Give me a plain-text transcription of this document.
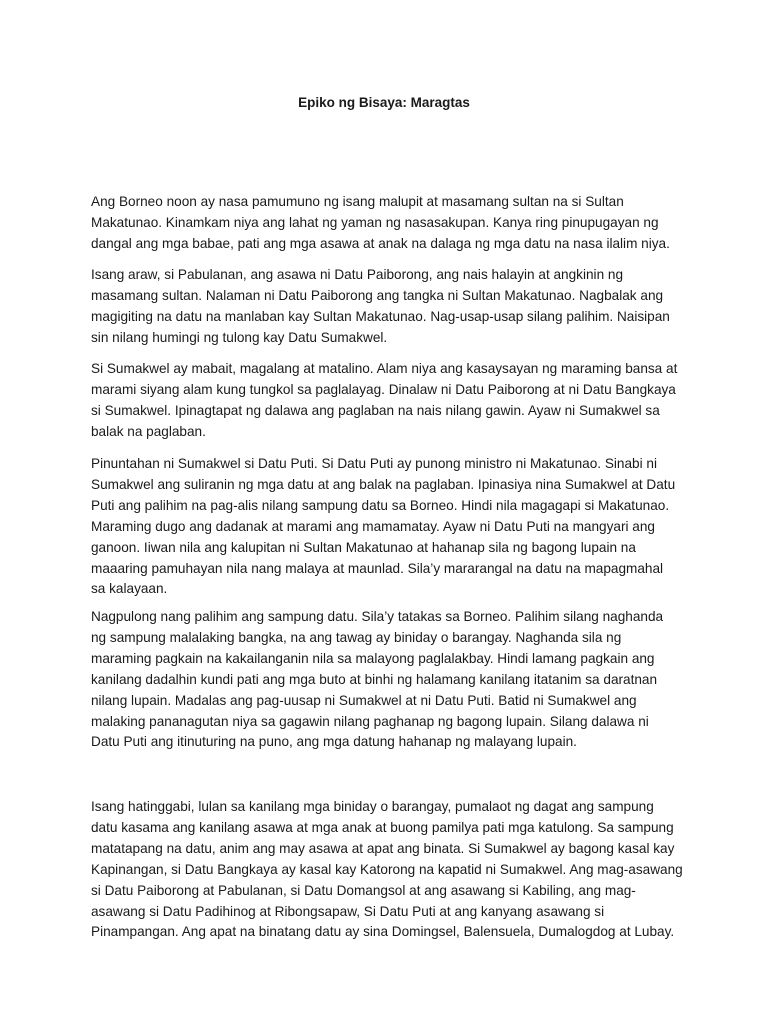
Epiko ng Bisaya: Maragtas

Ang Borneo noon ay nasa pamumuno ng isang malupit at masamang sultan na si Sultan
Makatunao. Kinamkam niya ang lahat ng yaman ng nasasakupan. Kanya ring pinupugayan ng
dangal ang mga babae, pati ang mga asawa at anak na dalaga ng mga datu na nasa ilalim niya.

Isang araw, si Pabulanan, ang asawa ni Datu Paiborong, ang nais halayin at angkinin ng
masamang sultan. Nalaman ni Datu Paiborong ang tangka ni Sultan Makatunao. Nagbalak ang
magigiting na datu na manlaban kay Sultan Makatunao. Nag-usap-usap silang palihim. Naisipan
sin nilang humingi ng tulong kay Datu Sumakwel.

Si Sumakwel ay mabait, magalang at matalino. Alam niya ang kasaysayan ng maraming bansa at
marami siyang alam kung tungkol sa paglalayag. Dinalaw ni Datu Paiborong at ni Datu Bangkaya
si Sumakwel. Ipinagtapat ng dalawa ang paglaban na nais nilang gawin. Ayaw ni Sumakwel sa
balak na paglaban.

Pinuntahan ni Sumakwel si Datu Puti. Si Datu Puti ay punong ministro ni Makatunao. Sinabi ni
Sumakwel ang suliranin ng mga datu at ang balak na paglaban. Ipinasiya nina Sumakwel at Datu
Puti ang palihim na pag-alis nilang sampung datu sa Borneo. Hindi nila magagapi si Makatunao.
Maraming dugo ang dadanak at marami ang mamamatay. Ayaw ni Datu Puti na mangyari ang
ganoon. Iiwan nila ang kalupitan ni Sultan Makatunao at hahanap sila ng bagong lupain na
maaaring pamuhayan nila nang malaya at maunlad. Sila’y mararangal na datu na mapagmahal
sa kalayaan.

Nagpulong nang palihim ang sampung datu. Sila’y tatakas sa Borneo. Palihim silang naghanda
ng sampung malalaking bangka, na ang tawag ay biniday o barangay. Naghanda sila ng
maraming pagkain na kakailanganin nila sa malayong paglalakbay. Hindi lamang pagkain ang
kanilang dadalhin kundi pati ang mga buto at binhi ng halamang kanilang itatanim sa daratnan
nilang lupain. Madalas ang pag-uusap ni Sumakwel at ni Datu Puti. Batid ni Sumakwel ang
malaking pananagutan niya sa gagawin nilang paghanap ng bagong lupain. Silang dalawa ni
Datu Puti ang itinuturing na puno, ang mga datung hahanap ng malayang lupain.

Isang hatinggabi, lulan sa kanilang mga biniday o barangay, pumalaot ng dagat ang sampung
datu kasama ang kanilang asawa at mga anak at buong pamilya pati mga katulong. Sa sampung
matatapang na datu, anim ang may asawa at apat ang binata. Si Sumakwel ay bagong kasal kay
Kapinangan, si Datu Bangkaya ay kasal kay Katorong na kapatid ni Sumakwel. Ang mag-asawang
si Datu Paiborong at Pabulanan, si Datu Domangsol at ang asawang si Kabiling, ang mag-
asawang si Datu Padihinog at Ribongsapaw, Si Datu Puti at ang kanyang asawang si
Pinampangan. Ang apat na binatang datu ay sina Domingsel, Balensuela, Dumalogdog at Lubay.
